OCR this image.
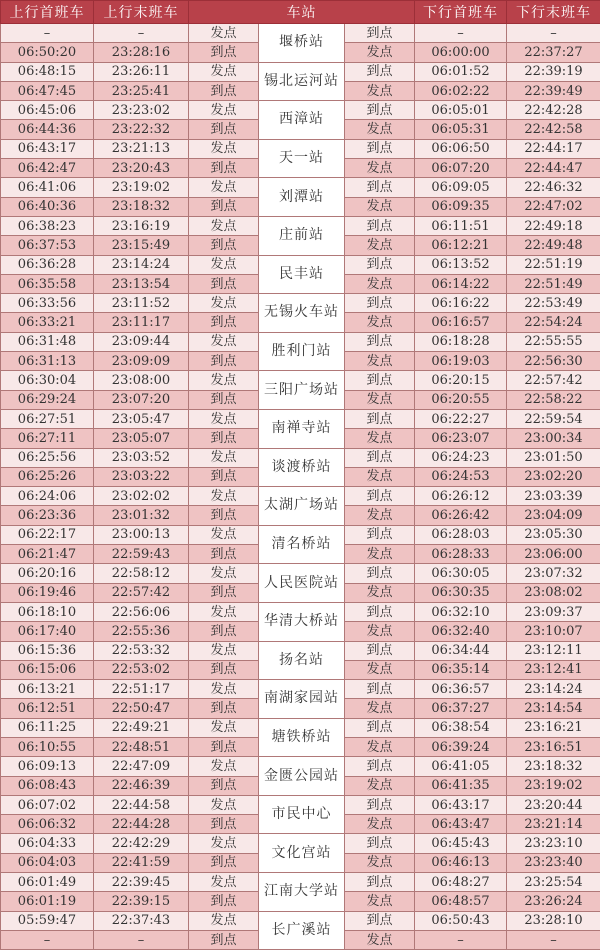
上行首班车	上行末班车	车站			下行首班车	下行末班车
–	–	发点	堰桥站	到点	–	–
06:50:20	23:28:16	到点		发点	06:00:00	22:37:27
06:48:15	23:26:11	发点	锡北运河站	到点	06:01:52	22:39:19
06:47:45	23:25:41	到点		发点	06:02:22	22:39:49
06:45:06	23:23:02	发点	西漳站	到点	06:05:01	22:42:28
06:44:36	23:22:32	到点		发点	06:05:31	22:42:58
06:43:17	23:21:13	发点	天一站	到点	06:06:50	22:44:17
06:42:47	23:20:43	到点		发点	06:07:20	22:44:47
06:41:06	23:19:02	发点	刘潭站	到点	06:09:05	22:46:32
06:40:36	23:18:32	到点		发点	06:09:35	22:47:02
06:38:23	23:16:19	发点	庄前站	到点	06:11:51	22:49:18
06:37:53	23:15:49	到点		发点	06:12:21	22:49:48
06:36:28	23:14:24	发点	民丰站	到点	06:13:52	22:51:19
06:35:58	23:13:54	到点		发点	06:14:22	22:51:49
06:33:56	23:11:52	发点	无锡火车站	到点	06:16:22	22:53:49
06:33:21	23:11:17	到点		发点	06:16:57	22:54:24
06:31:48	23:09:44	发点	胜利门站	到点	06:18:28	22:55:55
06:31:13	23:09:09	到点		发点	06:19:03	22:56:30
06:30:04	23:08:00	发点	三阳广场站	到点	06:20:15	22:57:42
06:29:24	23:07:20	到点		发点	06:20:55	22:58:22
06:27:51	23:05:47	发点	南禅寺站	到点	06:22:27	22:59:54
06:27:11	23:05:07	到点		发点	06:23:07	23:00:34
06:25:56	23:03:52	发点	谈渡桥站	到点	06:24:23	23:01:50
06:25:26	23:03:22	到点		发点	06:24:53	23:02:20
06:24:06	23:02:02	发点	太湖广场站	到点	06:26:12	23:03:39
06:23:36	23:01:32	到点		发点	06:26:42	23:04:09
06:22:17	23:00:13	发点	清名桥站	到点	06:28:03	23:05:30
06:21:47	22:59:43	到点		发点	06:28:33	23:06:00
06:20:16	22:58:12	发点	人民医院站	到点	06:30:05	23:07:32
06:19:46	22:57:42	到点		发点	06:30:35	23:08:02
06:18:10	22:56:06	发点	华清大桥站	到点	06:32:10	23:09:37
06:17:40	22:55:36	到点		发点	06:32:40	23:10:07
06:15:36	22:53:32	发点	扬名站	到点	06:34:44	23:12:11
06:15:06	22:53:02	到点		发点	06:35:14	23:12:41
06:13:21	22:51:17	发点	南湖家园站	到点	06:36:57	23:14:24
06:12:51	22:50:47	到点		发点	06:37:27	23:14:54
06:11:25	22:49:21	发点	塘铁桥站	到点	06:38:54	23:16:21
06:10:55	22:48:51	到点		发点	06:39:24	23:16:51
06:09:13	22:47:09	发点	金匮公园站	到点	06:41:05	23:18:32
06:08:43	22:46:39	到点		发点	06:41:35	23:19:02
06:07:02	22:44:58	发点	市民中心	到点	06:43:17	23:20:44
06:06:32	22:44:28	到点		发点	06:43:47	23:21:14
06:04:33	22:42:29	发点	文化宫站	到点	06:45:43	23:23:10
06:04:03	22:41:59	到点		发点	06:46:13	23:23:40
06:01:49	22:39:45	发点	江南大学站	到点	06:48:27	23:25:54
06:01:19	22:39:15	到点		发点	06:48:57	23:26:24
05:59:47	22:37:43	发点	长广溪站	到点	06:50:43	23:28:10
–	–	到点		发点	–	–
